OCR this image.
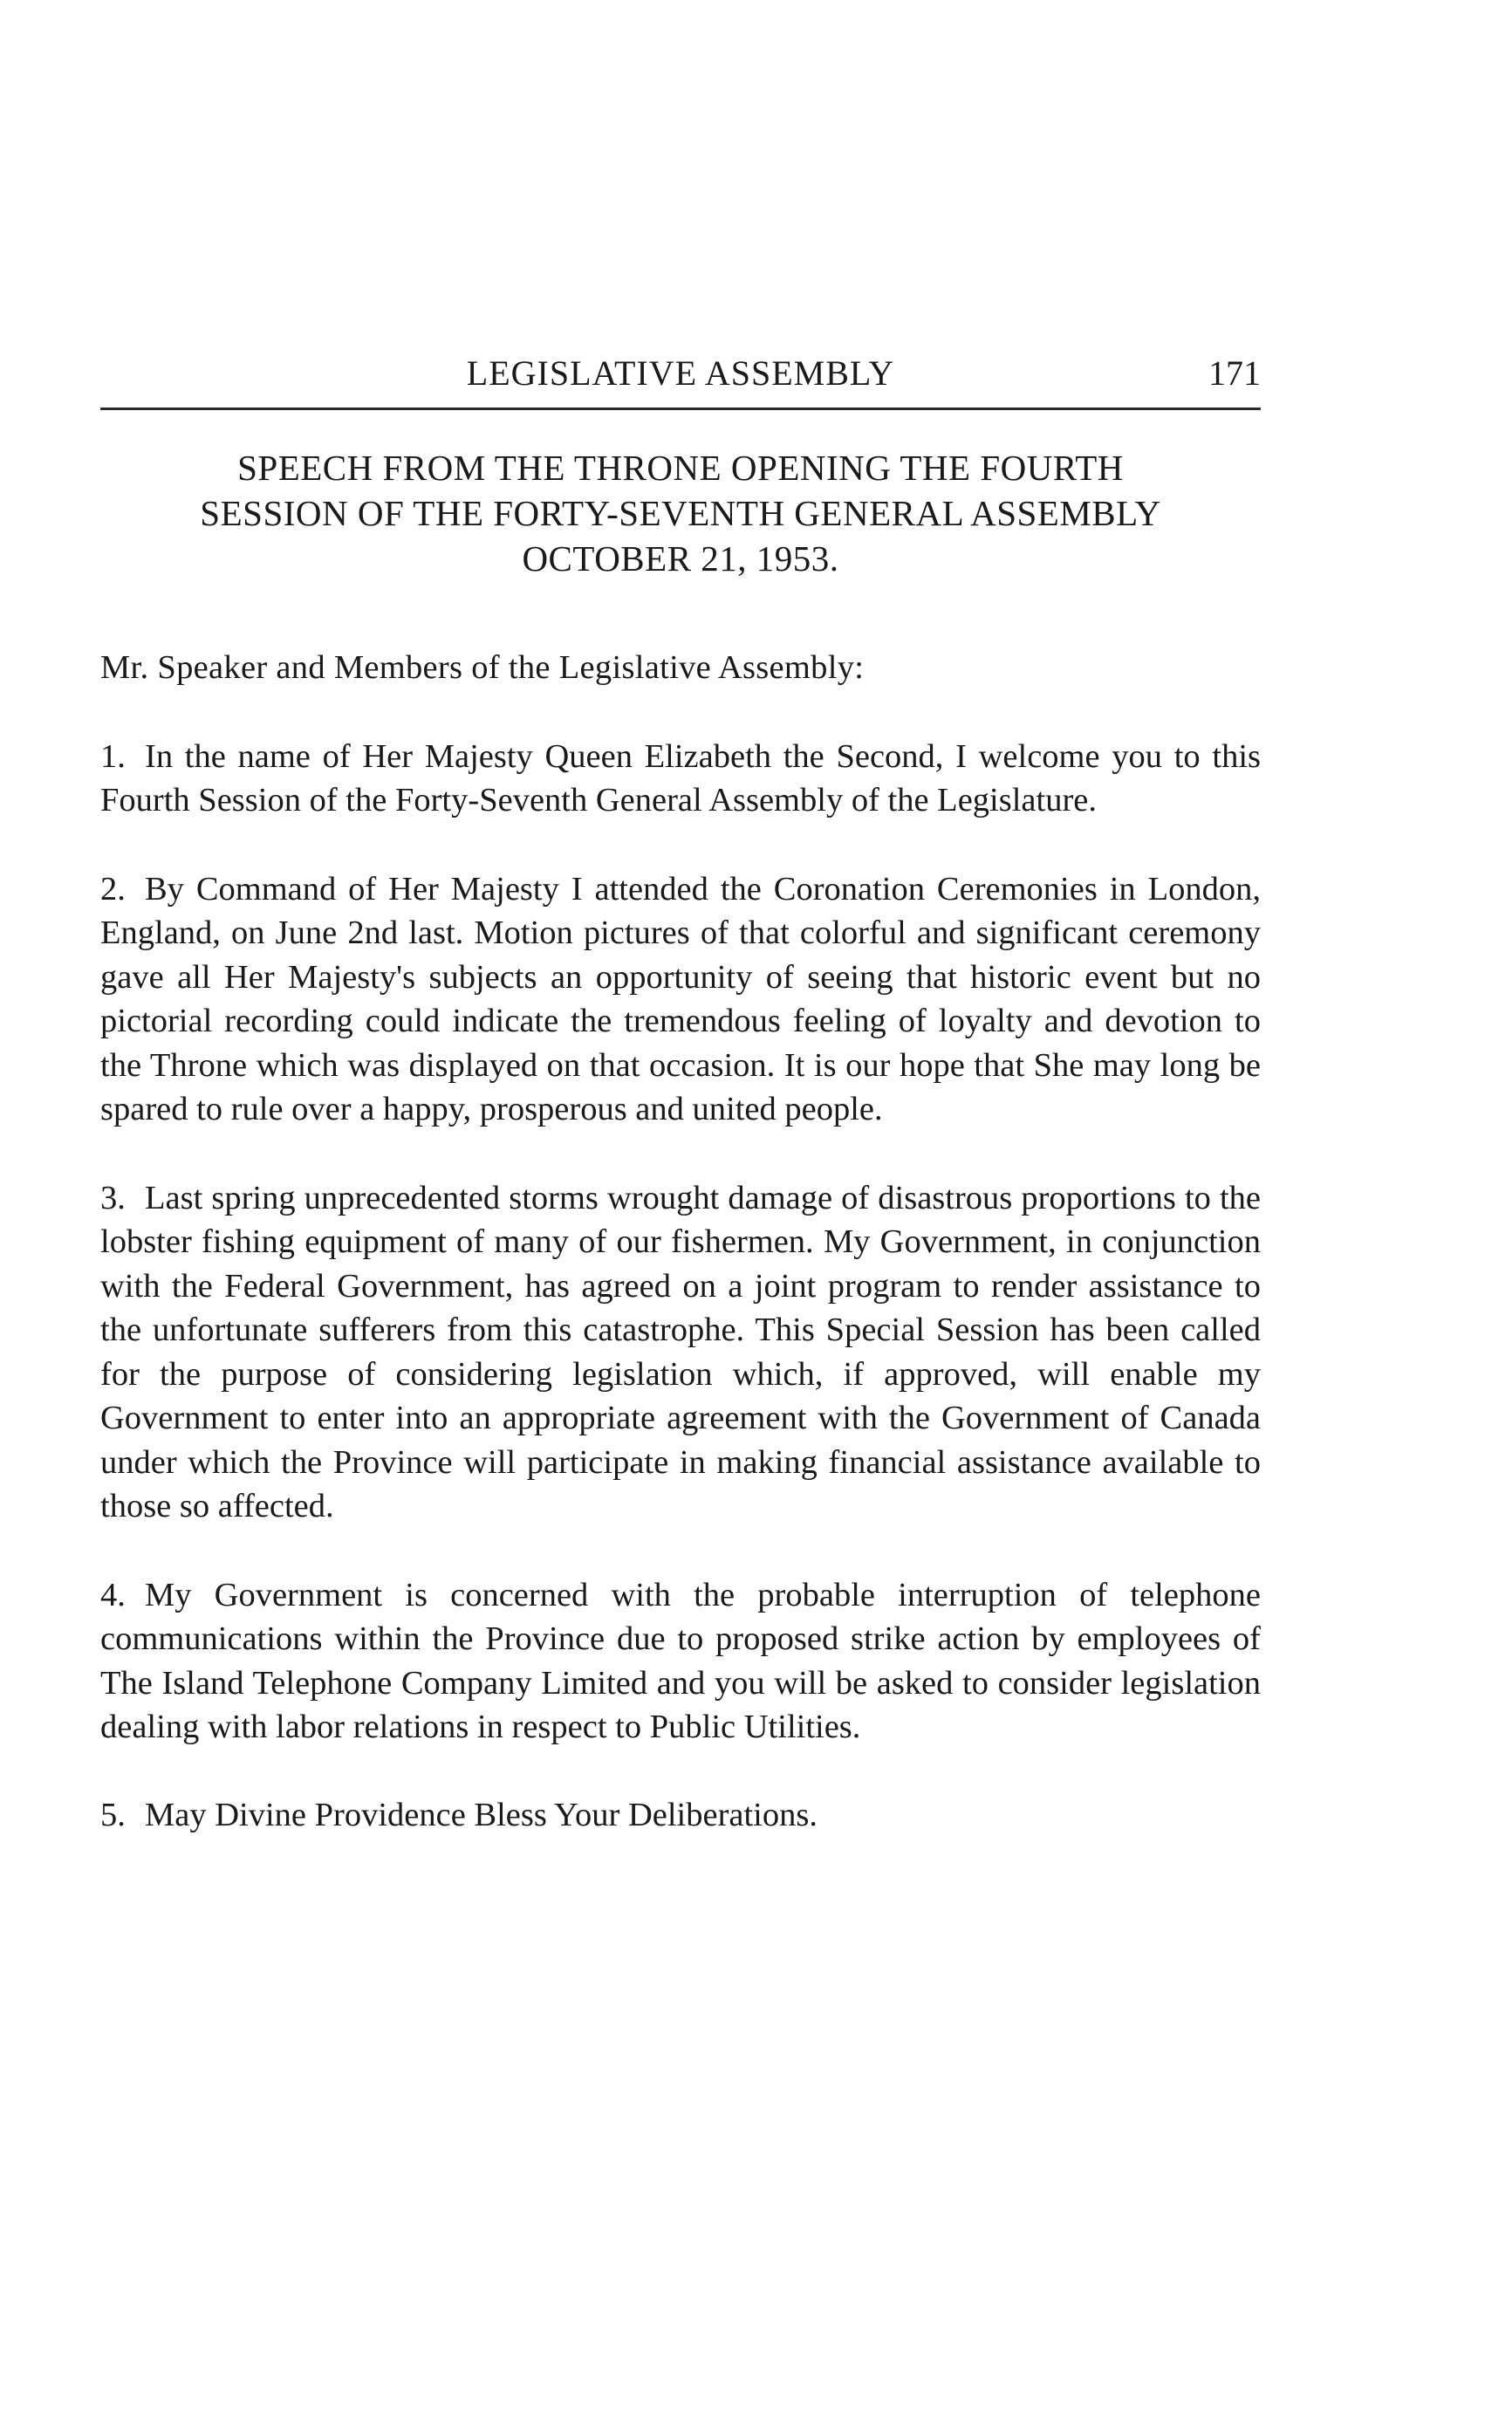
LEGISLATIVE ASSEMBLY	171
SPEECH FROM THE THRONE OPENING THE FOURTH
SESSION OF THE FORTY-SEVENTH GENERAL ASSEMBLY
OCTOBER 21, 1953.

Mr. Speaker and Members of the Legislative Assembly:

1. In the name of Her Majesty Queen Elizabeth the Second, I welcome you to this Fourth Session of the Forty-Seventh General Assembly of the Legislature.

2. By Command of Her Majesty I attended the Coronation Ceremonies in London, England, on June 2nd last. Motion pictures of that colorful and significant ceremony gave all Her Majesty's subjects an opportunity of seeing that historic event but no pictorial recording could indicate the tremendous feeling of loyalty and devotion to the Throne which was displayed on that occasion. It is our hope that She may long be spared to rule over a happy, prosperous and united people.

3. Last spring unprecedented storms wrought damage of disastrous proportions to the lobster fishing equipment of many of our fishermen. My Government, in conjunction with the Federal Government, has agreed on a joint program to render assistance to the unfortunate sufferers from this catastrophe. This Special Session has been called for the purpose of considering legislation which, if approved, will enable my Government to enter into an appropriate agreement with the Government of Canada under which the Province will participate in making financial assistance available to those so affected.

4. My Government is concerned with the probable interruption of telephone communications within the Province due to proposed strike action by employees of The Island Telephone Company Limited and you will be asked to consider legislation dealing with labor relations in respect to Public Utilities.

5. May Divine Providence Bless Your Deliberations.
